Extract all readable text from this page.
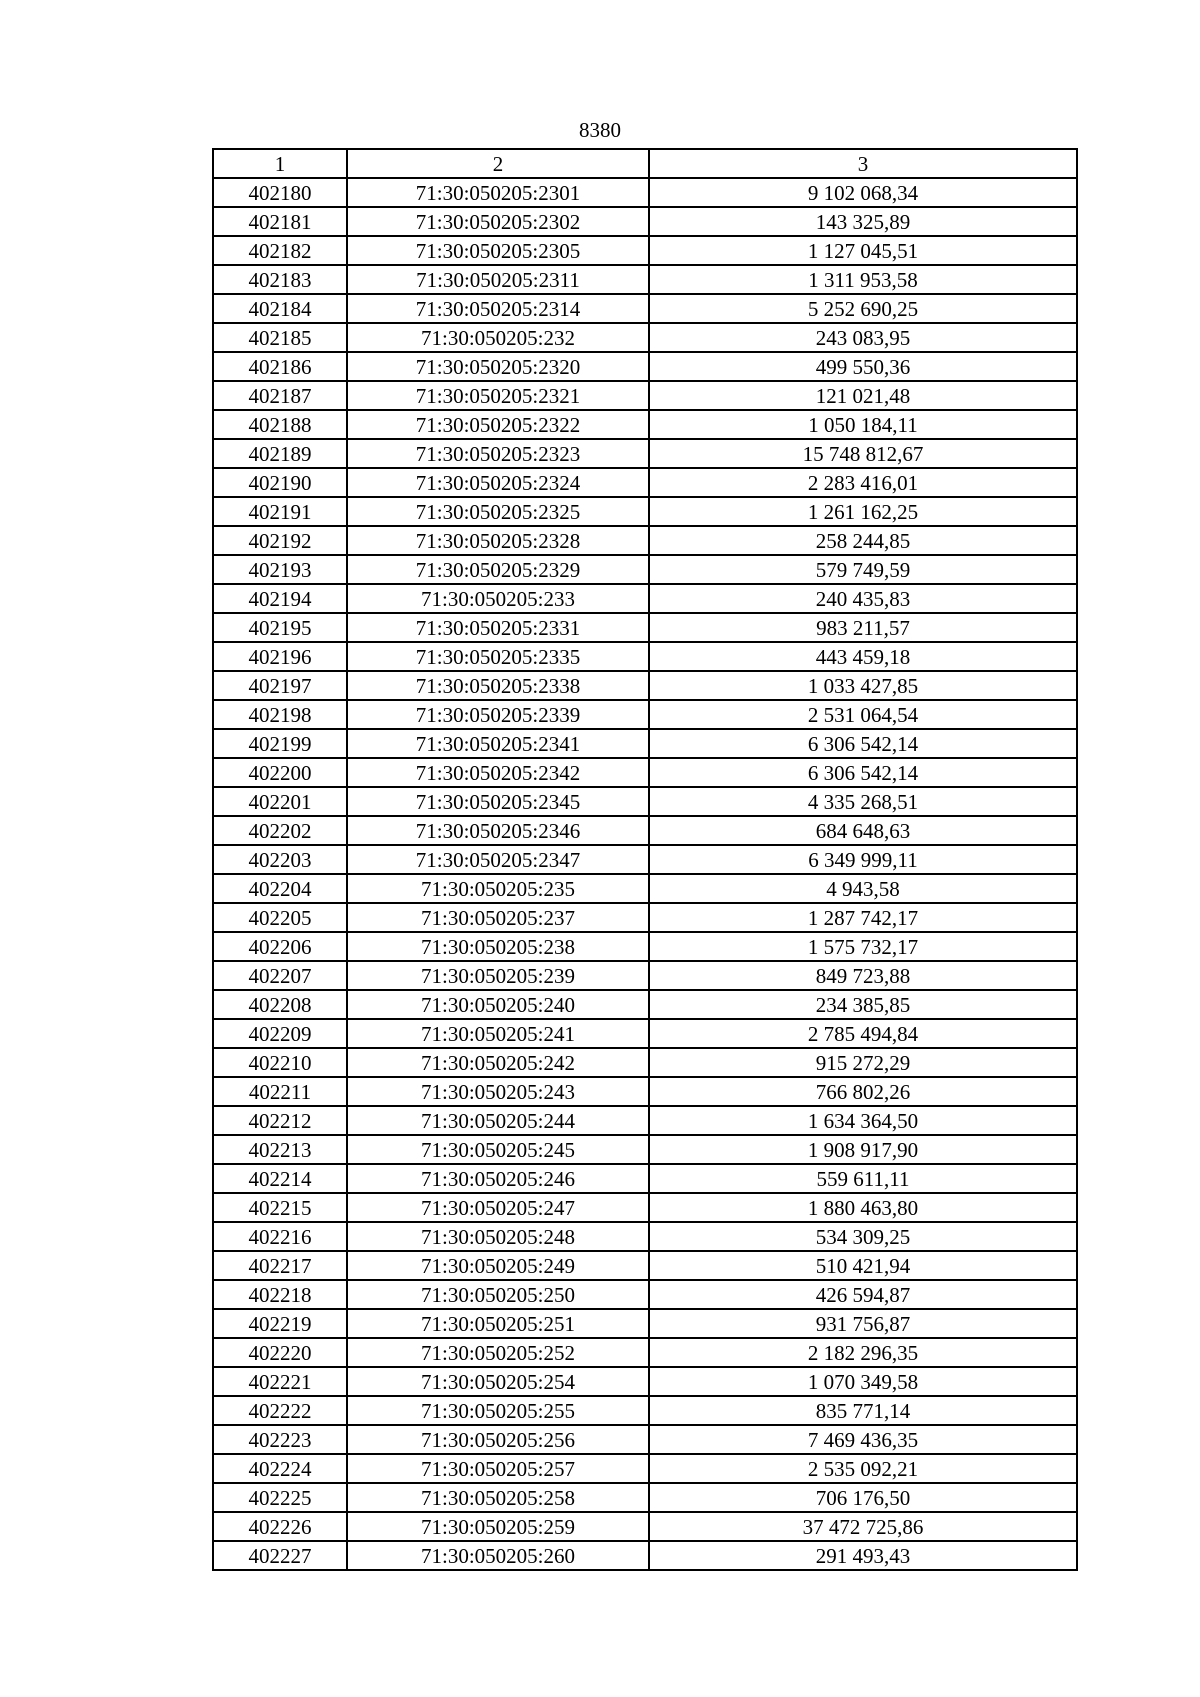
8380
1	2	3
402180	71:30:050205:2301	9 102 068,34
402181	71:30:050205:2302	143 325,89
402182	71:30:050205:2305	1 127 045,51
402183	71:30:050205:2311	1 311 953,58
402184	71:30:050205:2314	5 252 690,25
402185	71:30:050205:232	243 083,95
402186	71:30:050205:2320	499 550,36
402187	71:30:050205:2321	121 021,48
402188	71:30:050205:2322	1 050 184,11
402189	71:30:050205:2323	15 748 812,67
402190	71:30:050205:2324	2 283 416,01
402191	71:30:050205:2325	1 261 162,25
402192	71:30:050205:2328	258 244,85
402193	71:30:050205:2329	579 749,59
402194	71:30:050205:233	240 435,83
402195	71:30:050205:2331	983 211,57
402196	71:30:050205:2335	443 459,18
402197	71:30:050205:2338	1 033 427,85
402198	71:30:050205:2339	2 531 064,54
402199	71:30:050205:2341	6 306 542,14
402200	71:30:050205:2342	6 306 542,14
402201	71:30:050205:2345	4 335 268,51
402202	71:30:050205:2346	684 648,63
402203	71:30:050205:2347	6 349 999,11
402204	71:30:050205:235	4 943,58
402205	71:30:050205:237	1 287 742,17
402206	71:30:050205:238	1 575 732,17
402207	71:30:050205:239	849 723,88
402208	71:30:050205:240	234 385,85
402209	71:30:050205:241	2 785 494,84
402210	71:30:050205:242	915 272,29
402211	71:30:050205:243	766 802,26
402212	71:30:050205:244	1 634 364,50
402213	71:30:050205:245	1 908 917,90
402214	71:30:050205:246	559 611,11
402215	71:30:050205:247	1 880 463,80
402216	71:30:050205:248	534 309,25
402217	71:30:050205:249	510 421,94
402218	71:30:050205:250	426 594,87
402219	71:30:050205:251	931 756,87
402220	71:30:050205:252	2 182 296,35
402221	71:30:050205:254	1 070 349,58
402222	71:30:050205:255	835 771,14
402223	71:30:050205:256	7 469 436,35
402224	71:30:050205:257	2 535 092,21
402225	71:30:050205:258	706 176,50
402226	71:30:050205:259	37 472 725,86
402227	71:30:050205:260	291 493,43
